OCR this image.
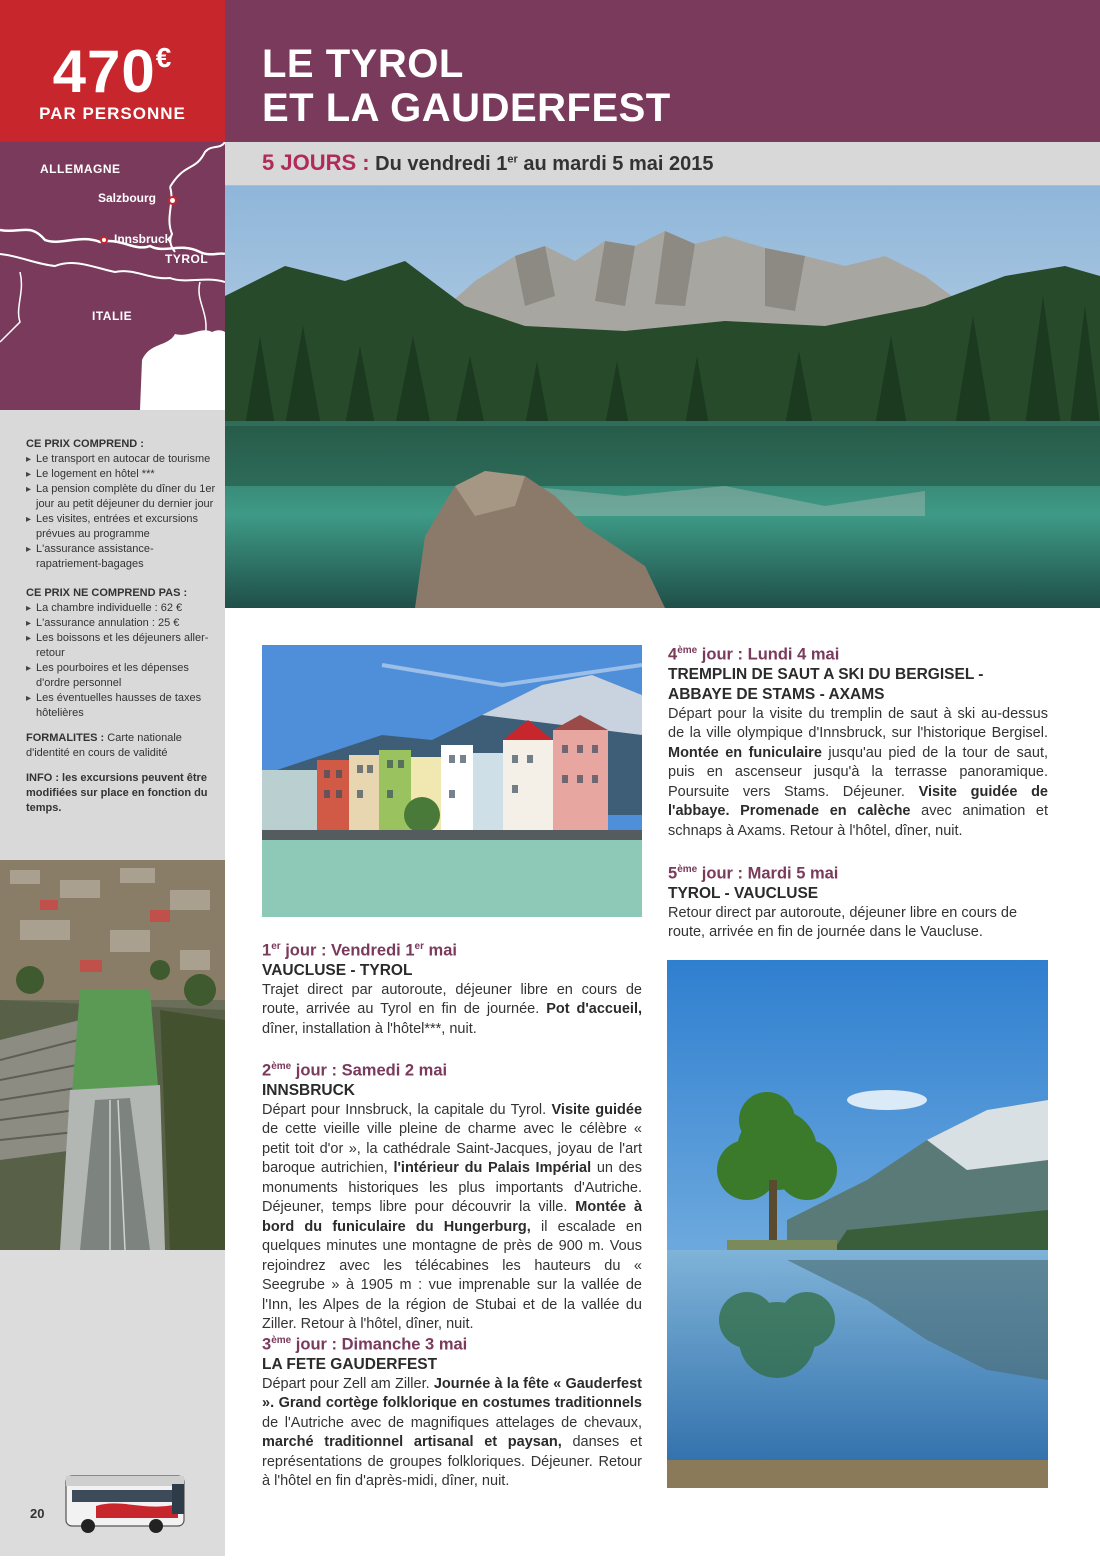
470€
PAR PERSONNE
LE TYROL
ET LA GAUDERFEST
5 JOURS : Du vendredi 1er au mardi 5 mai 2015
ALLEMAGNE
Salzbourg
Innsbruck
TYROL
ITALIE
CE PRIX COMPREND :
▸ Le transport en autocar de tourisme
▸ Le logement en hôtel ***
▸ La pension complète du dîner du 1er jour au petit déjeuner du dernier jour
▸ Les visites, entrées et excursions prévues au programme
▸ L'assurance assistance-rapatriement-bagages
CE PRIX NE COMPREND PAS :
▸ La chambre individuelle : 62 €
▸ L'assurance annulation : 25 €
▸ Les boissons et les déjeuners aller-retour
▸ Les pourboires et les dépenses d'ordre personnel
▸ Les éventuelles hausses de taxes hôtelières
FORMALITES : Carte nationale d'identité en cours de validité
INFO : les excursions peuvent être modifiées sur place en fonction du temps.
20
1er jour : Vendredi 1er mai
VAUCLUSE - TYROL

Trajet direct par autoroute, déjeuner libre en cours de route, arrivée au Tyrol en fin de journée. Pot d'accueil, dîner, installation à l'hôtel***, nuit.

2ème jour : Samedi 2 mai
INNSBRUCK

Départ pour Innsbruck, la capitale du Tyrol. Visite guidée de cette vieille ville pleine de charme avec le célèbre « petit toit d'or », la cathédrale Saint-Jacques, joyau de l'art baroque autrichien, l'intérieur du Palais Impérial un des monuments historiques les plus importants d'Autriche. Déjeuner, temps libre pour découvrir la ville. Montée à bord du funiculaire du Hungerburg, il escalade en quelques minutes une montagne de près de 900 m. Vous rejoindrez avec les télécabines les hauteurs du « Seegrube » à 1905 m : vue imprenable sur la vallée de l'Inn, les Alpes de la région de Stubai et de la vallée du Ziller. Retour à l'hôtel, dîner, nuit.

3ème jour : Dimanche 3 mai
LA FETE GAUDERFEST

Départ pour Zell am Ziller. Journée à la fête « Gauderfest ». Grand cortège folklorique en costumes traditionnels de l'Autriche avec de magnifiques attelages de chevaux, marché traditionnel artisanal et paysan, danses et représentations de groupes folkloriques. Déjeuner. Retour à l'hôtel en fin d'après-midi, dîner, nuit.

4ème jour : Lundi 4 mai
TREMPLIN DE SAUT A SKI DU BERGISEL -
ABBAYE DE STAMS - AXAMS

Départ pour la visite du tremplin de saut à ski au-dessus de la ville olympique d'Innsbruck, sur l'historique Bergisel. Montée en funiculaire jusqu'au pied de la tour de saut, puis en ascenseur jusqu'à la terrasse panoramique. Poursuite vers Stams. Déjeuner. Visite guidée de l'abbaye. Promenade en calèche avec animation et schnaps à Axams. Retour à l'hôtel, dîner, nuit.

5ème jour : Mardi 5 mai
TYROL - VAUCLUSE

Retour direct par autoroute, déjeuner libre en cours de route, arrivée en fin de journée dans le Vaucluse.
